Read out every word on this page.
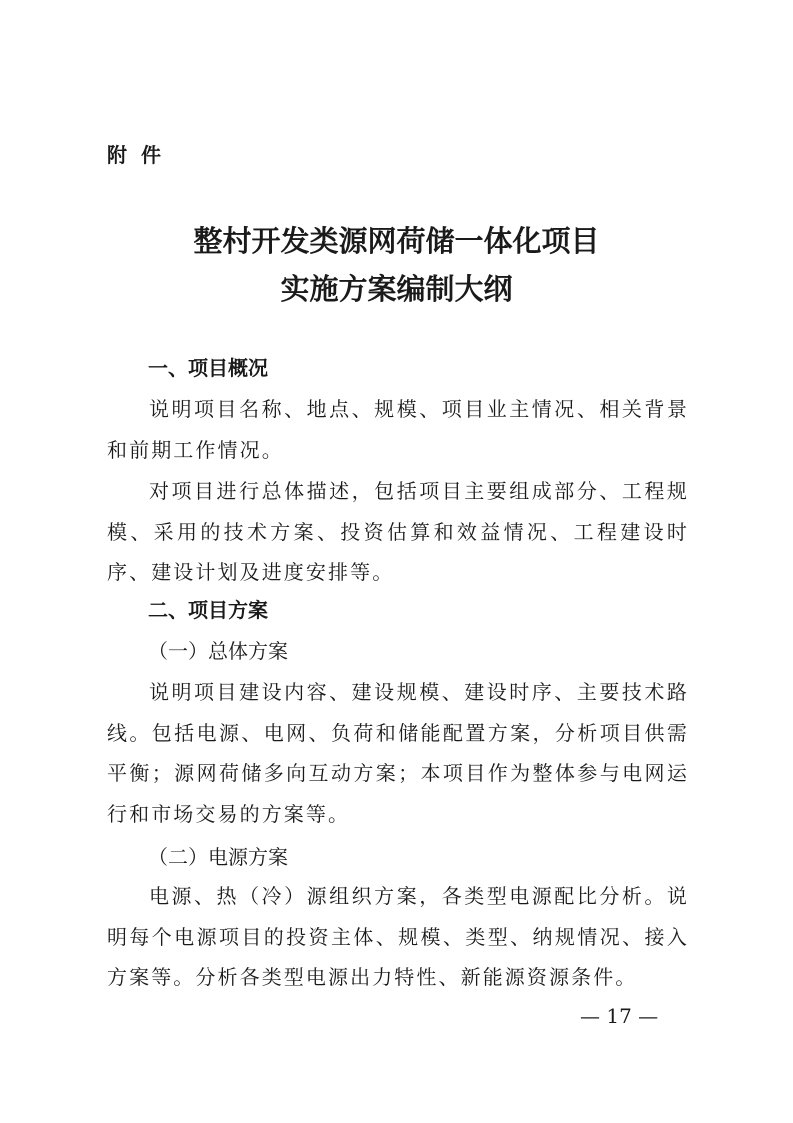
附件
整村开发类源网荷储一体化项目
实施方案编制大纲
一、项目概况

说明项目名称、地点、规模、项目业主情况、相关背景和前期工作情况。

对项目进行总体描述，包括项目主要组成部分、工程规模、采用的技术方案、投资估算和效益情况、工程建设时序、建设计划及进度安排等。

二、项目方案
（一）总体方案

说明项目建设内容、建设规模、建设时序、主要技术路线。包括电源、电网、负荷和储能配置方案，分析项目供需平衡；源网荷储多向互动方案；本项目作为整体参与电网运行和市场交易的方案等。

（二）电源方案

电源、热（冷）源组织方案，各类型电源配比分析。说明每个电源项目的投资主体、规模、类型、纳规情况、接入方案等。分析各类型电源出力特性、新能源资源条件。

— 17 —
